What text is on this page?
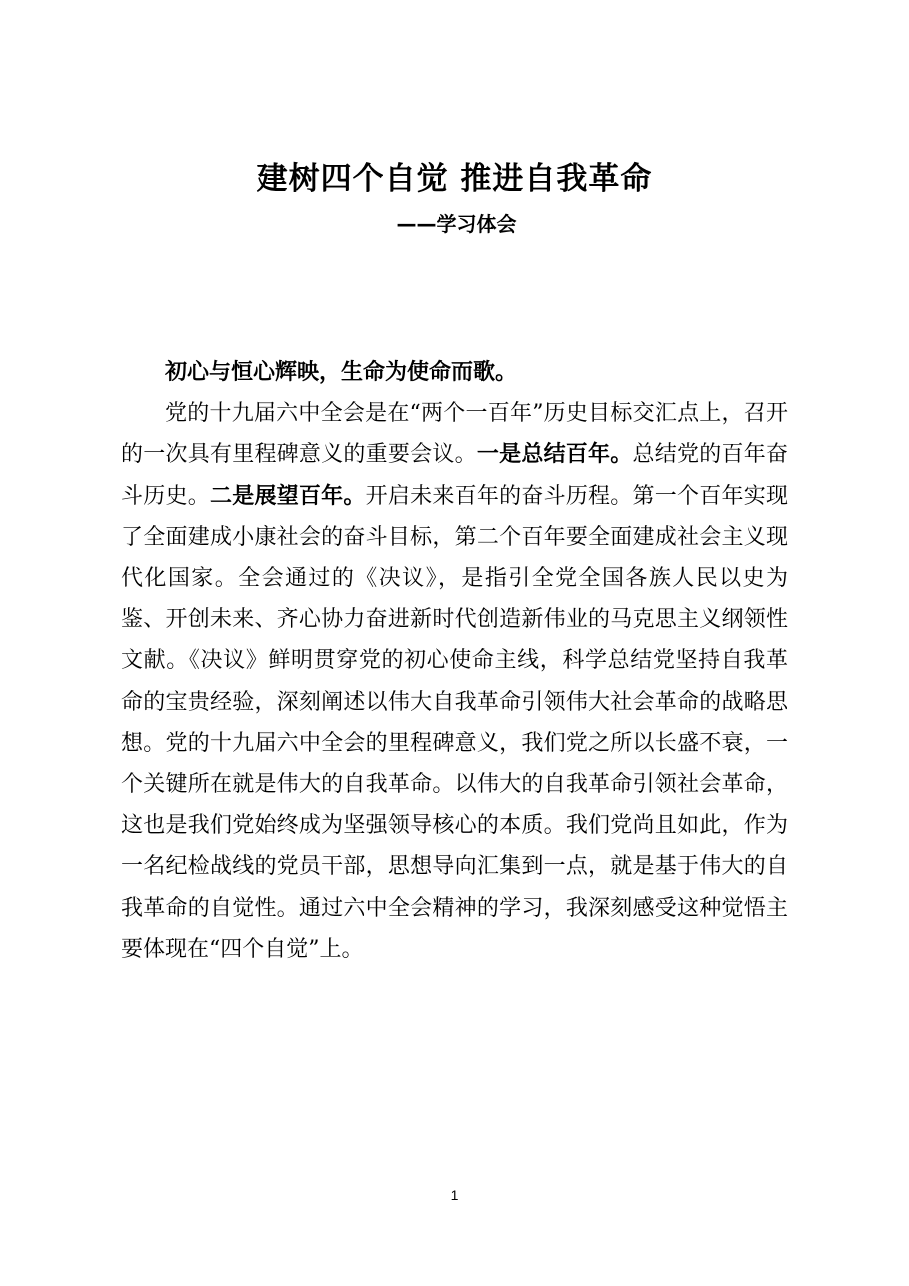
建树四个自觉 推进自我革命
——学习体会

初心与恒心辉映，生命为使命而歌。

党的十九届六中全会是在“两个一百年”历史目标交汇点上，召开的一次具有里程碑意义的重要会议。一是总结百年。总结党的百年奋斗历史。二是展望百年。开启未来百年的奋斗历程。第一个百年实现了全面建成小康社会的奋斗目标，第二个百年要全面建成社会主义现代化国家。全会通过的《决议》，是指引全党全国各族人民以史为鉴、开创未来、齐心协力奋进新时代创造新伟业的马克思主义纲领性文献。《决议》鲜明贯穿党的初心使命主线，科学总结党坚持自我革命的宝贵经验，深刻阐述以伟大自我革命引领伟大社会革命的战略思想。党的十九届六中全会的里程碑意义，我们党之所以长盛不衰，一个关键所在就是伟大的自我革命。以伟大的自我革命引领社会革命，这也是我们党始终成为坚强领导核心的本质。我们党尚且如此，作为一名纪检战线的党员干部，思想导向汇集到一点，就是基于伟大的自我革命的自觉性。通过六中全会精神的学习，我深刻感受这种觉悟主要体现在“四个自觉”上。

1
